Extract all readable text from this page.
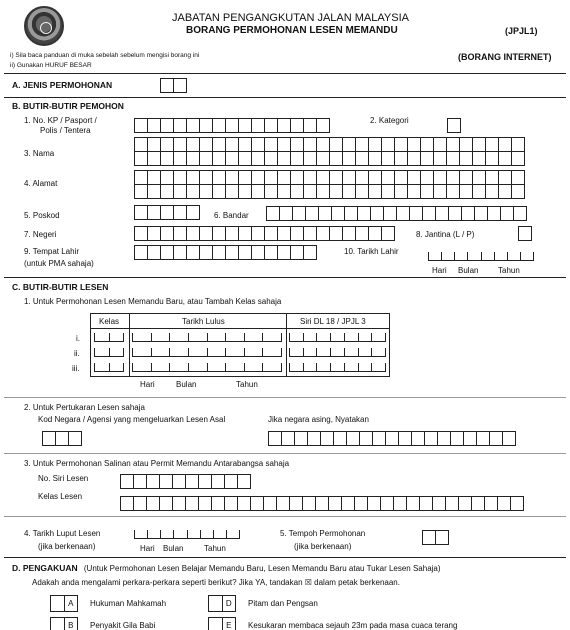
JABATAN PENGANGKUTAN JALAN MALAYSIA
BORANG PERMOHONAN LESEN MEMANDU	(JPJL1)
(BORANG INTERNET)
i) Sila baca panduan di muka sebelah sebelum mengisi borang ini
ii) Gunakan HURUF BESAR
A. JENIS PERMOHONAN
B. BUTIR-BUTIR PEMOHON
1. No. KP / Pasport /
Polis / Tentera
2. Kategori
3. Nama
4. Alamat
5. Poskod	6. Bandar
7. Negeri	8. Jantina (L / P)
9. Tempat Lahir
(untuk PMA sahaja)
10. Tarikh Lahir
Hari Bulan Tahun
C. BUTIR-BUTIR LESEN
1. Untuk Permohonan Lesen Memandu Baru, atau Tambah Kelas sahaja
Kelas	Tarikh Lulus	Siri DL 18 / JPJL 3
i.
ii.
iii.
Hari	Bulan	Tahun
2. Untuk Pertukaran Lesen sahaja
Kod Negara / Agensi yang mengeluarkan Lesen Asal	Jika negara asing, Nyatakan
3. Untuk Permohonan Salinan atau Permit Memandu Antarabangsa sahaja
No. Siri Lesen
Kelas Lesen
4. Tarikh Luput Lesen
(jika berkenaan)	Hari Bulan	Tahun
5. Tempoh Permohonan
(jika berkenaan)
D. PENGAKUAN (Untuk Permohonan Lesen Belajar Memandu Baru, Lesen Memandu Baru atau Tukar Lesen Sahaja)
Adakah anda mengalami perkara-perkara seperti berikut? Jika YA, tandakan ☒ dalam petak berkenaan.
A	Hukuman Mahkamah	D	Pitam dan Pengsan
B	Penyakit Gila Babi	E	Kesukaran membaca sejauh 23m pada masa cuaca terang
